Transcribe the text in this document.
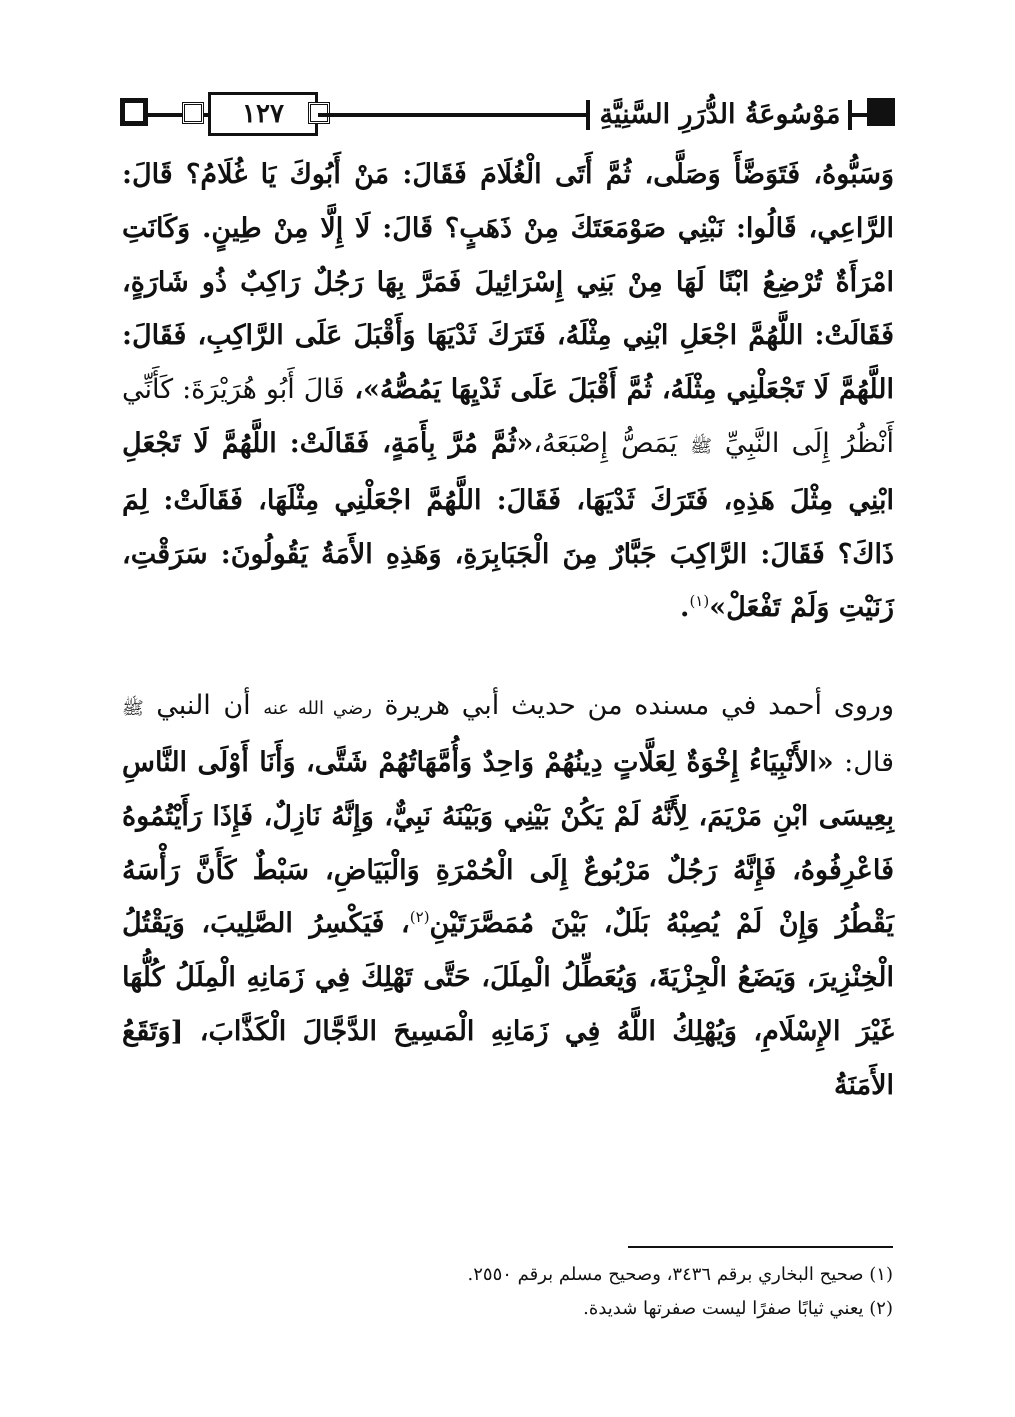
١٢٧	مَوْسُوعَةُ الدُّرَرِ السَّنِيَّةِ

وَسَبُّوهُ، فَتَوَضَّأَ وَصَلَّى، ثُمَّ أَتَى الْغُلَامَ فَقَالَ: مَنْ أَبُوكَ يَا غُلَامُ؟ قَالَ: الرَّاعِي، قَالُوا: نَبْنِي صَوْمَعَتَكَ مِنْ ذَهَبٍ؟ قَالَ: لَا إِلَّا مِنْ طِينٍ. وَكَانَتِ امْرَأَةٌ تُرْضِعُ ابْنًا لَهَا مِنْ بَنِي إِسْرَائِيلَ فَمَرَّ بِهَا رَجُلٌ رَاكِبٌ ذُو شَارَةٍ، فَقَالَتْ: اللَّهُمَّ اجْعَلِ ابْنِي مِثْلَهُ، فَتَرَكَ ثَدْيَهَا وَأَقْبَلَ عَلَى الرَّاكِبِ، فَقَالَ: اللَّهُمَّ لَا تَجْعَلْنِي مِثْلَهُ، ثُمَّ أَقْبَلَ عَلَى ثَدْيِهَا يَمُصُّهُ»، قَالَ أَبُو هُرَيْرَةَ: كَأَنِّي أَنْظُرُ إِلَى النَّبِيِّ ﷺ يَمَصُّ إِصْبَعَهُ،«ثُمَّ مُرَّ بِأَمَةٍ، فَقَالَتْ: اللَّهُمَّ لَا تَجْعَلِ ابْنِي مِثْلَ هَذِهِ، فَتَرَكَ ثَدْيَهَا، فَقَالَ: اللَّهُمَّ اجْعَلْنِي مِثْلَهَا، فَقَالَتْ: لِمَ ذَاكَ؟ فَقَالَ: الرَّاكِبَ جَبَّارٌ مِنَ الْجَبَابِرَةِ، وَهَذِهِ الأَمَةُ يَقُولُونَ: سَرَقْتِ، زَنَيْتِ وَلَمْ تَفْعَلْ»$^{(١)}$.

وروى أحمد في مسنده من حديث أبي هريرة رضي الله عنه أن النبي ﷺ قال: «الأَنْبِيَاءُ إِخْوَةٌ لِعَلَّاتٍ دِينُهُمْ وَاحِدٌ وَأُمَّهَاتُهُمْ شَتَّى، وَأَنَا أَوْلَى النَّاسِ بِعِيسَى ابْنِ مَرْيَمَ، لِأَنَّهُ لَمْ يَكُنْ بَيْنِي وَبَيْنَهُ نَبِيٌّ، وَإِنَّهُ نَازِلٌ، فَإِذَا رَأَيْتُمُوهُ فَاعْرِفُوهُ، فَإِنَّهُ رَجُلٌ مَرْبُوعٌ إِلَى الْحُمْرَةِ وَالْبَيَاضِ، سَبْطٌ كَأَنَّ رَأْسَهُ يَقْطُرُ وَإِنْ لَمْ يُصِبْهُ بَلَلٌ، بَيْنَ مُمَصَّرَتَيْنِ$^{(٢)}$، فَيَكْسِرُ الصَّلِيبَ، وَيَقْتُلُ الْخِنْزِيرَ، وَيَضَعُ الْجِزْيَةَ، وَيُعَطِّلُ الْمِلَلَ، حَتَّى تَهْلِكَ فِي زَمَانِهِ الْمِلَلُ كُلُّهَا غَيْرَ الإِسْلَامِ، وَيُهْلِكُ اللَّهُ فِي زَمَانِهِ الْمَسِيحَ الدَّجَّالَ الْكَذَّابَ، [وَتَقَعُ الأَمَنَةُ

(١) صحيح البخاري برقم ٣٤٣٦، وصحيح مسلم برقم ٢٥٥٠.

(٢) يعني ثيابًا صفرًا ليست صفرتها شديدة.
